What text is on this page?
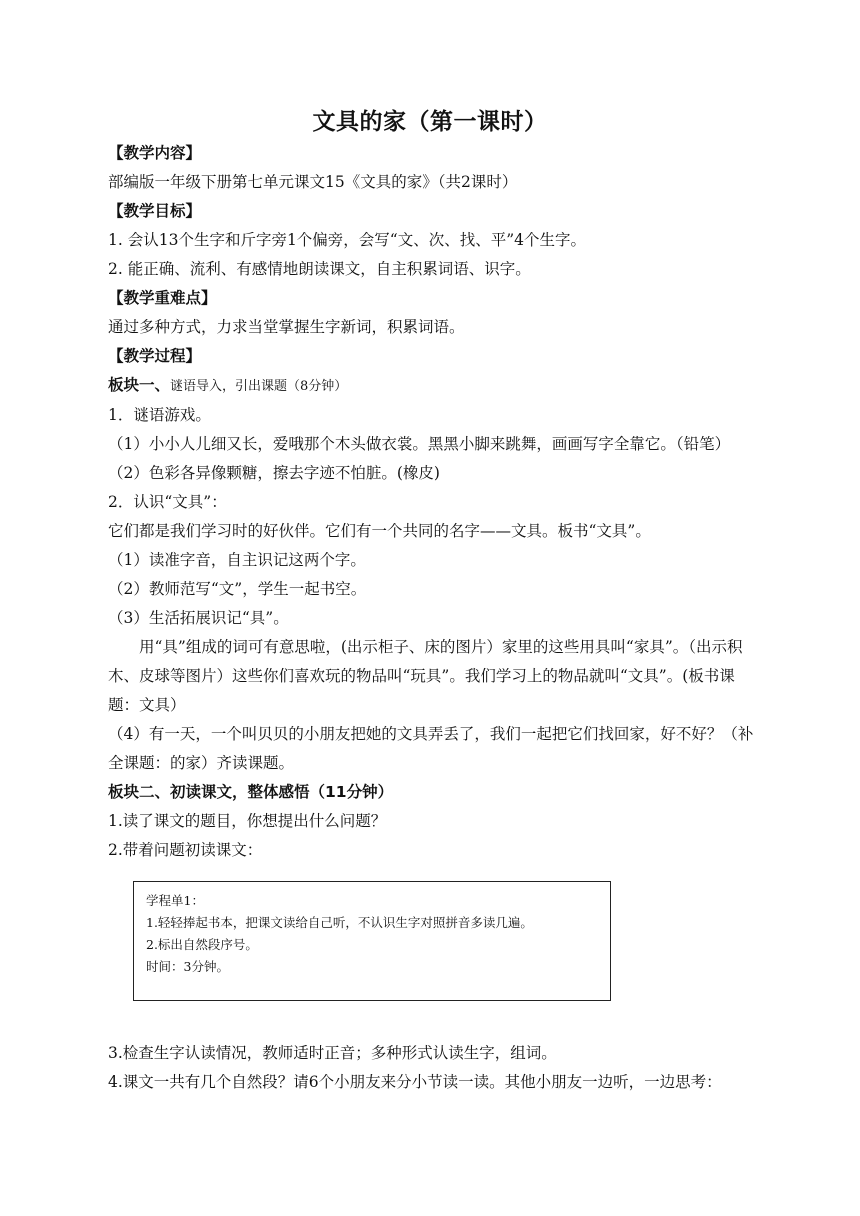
文具的家（第一课时）

【教学内容】

部编版一年级下册第七单元课文15《文具的家》（共2课时）

【教学目标】

1. 会认13个生字和斤字旁1个偏旁，会写“文、次、找、平”4个生字。

2. 能正确、流利、有感情地朗读课文，自主积累词语、识字。

【教学重难点】

通过多种方式，力求当堂掌握生字新词，积累词语。

【教学过程】

板块一、谜语导入，引出课题（8分钟）

1．谜语游戏。

（1）小小人儿细又长，爱哦那个木头做衣裳。黑黑小脚来跳舞，画画写字全靠它。（铅笔）

（2）色彩各异像颗糖，擦去字迹不怕脏。(橡皮)

2．认识“文具”：

它们都是我们学习时的好伙伴。它们有一个共同的名字——文具。板书“文具”。

（1）读准字音，自主识记这两个字。

（2）教师范写“文”，学生一起书空。

（3）生活拓展识记“具”。

用“具”组成的词可有意思啦，(出示柜子、床的图片）家里的这些用具叫“家具”。（出示积木、皮球等图片）这些你们喜欢玩的物品叫“玩具”。我们学习上的物品就叫“文具”。(板书课题：文具）

（4）有一天，一个叫贝贝的小朋友把她的文具弄丢了，我们一起把它们找回家，好不好？（补全课题：的家）齐读课题。

板块二、初读课文，整体感悟（11分钟）

1.读了课文的题目，你想提出什么问题？

2.带着问题初读课文：

学程单1：

1.轻轻捧起书本，把课文读给自己听，不认识生字对照拼音多读几遍。

2.标出自然段序号。

时间：3分钟。

3.检查生字认读情况，教师适时正音；多种形式认读生字，组词。

4.课文一共有几个自然段？请6个小朋友来分小节读一读。其他小朋友一边听，一边思考：
